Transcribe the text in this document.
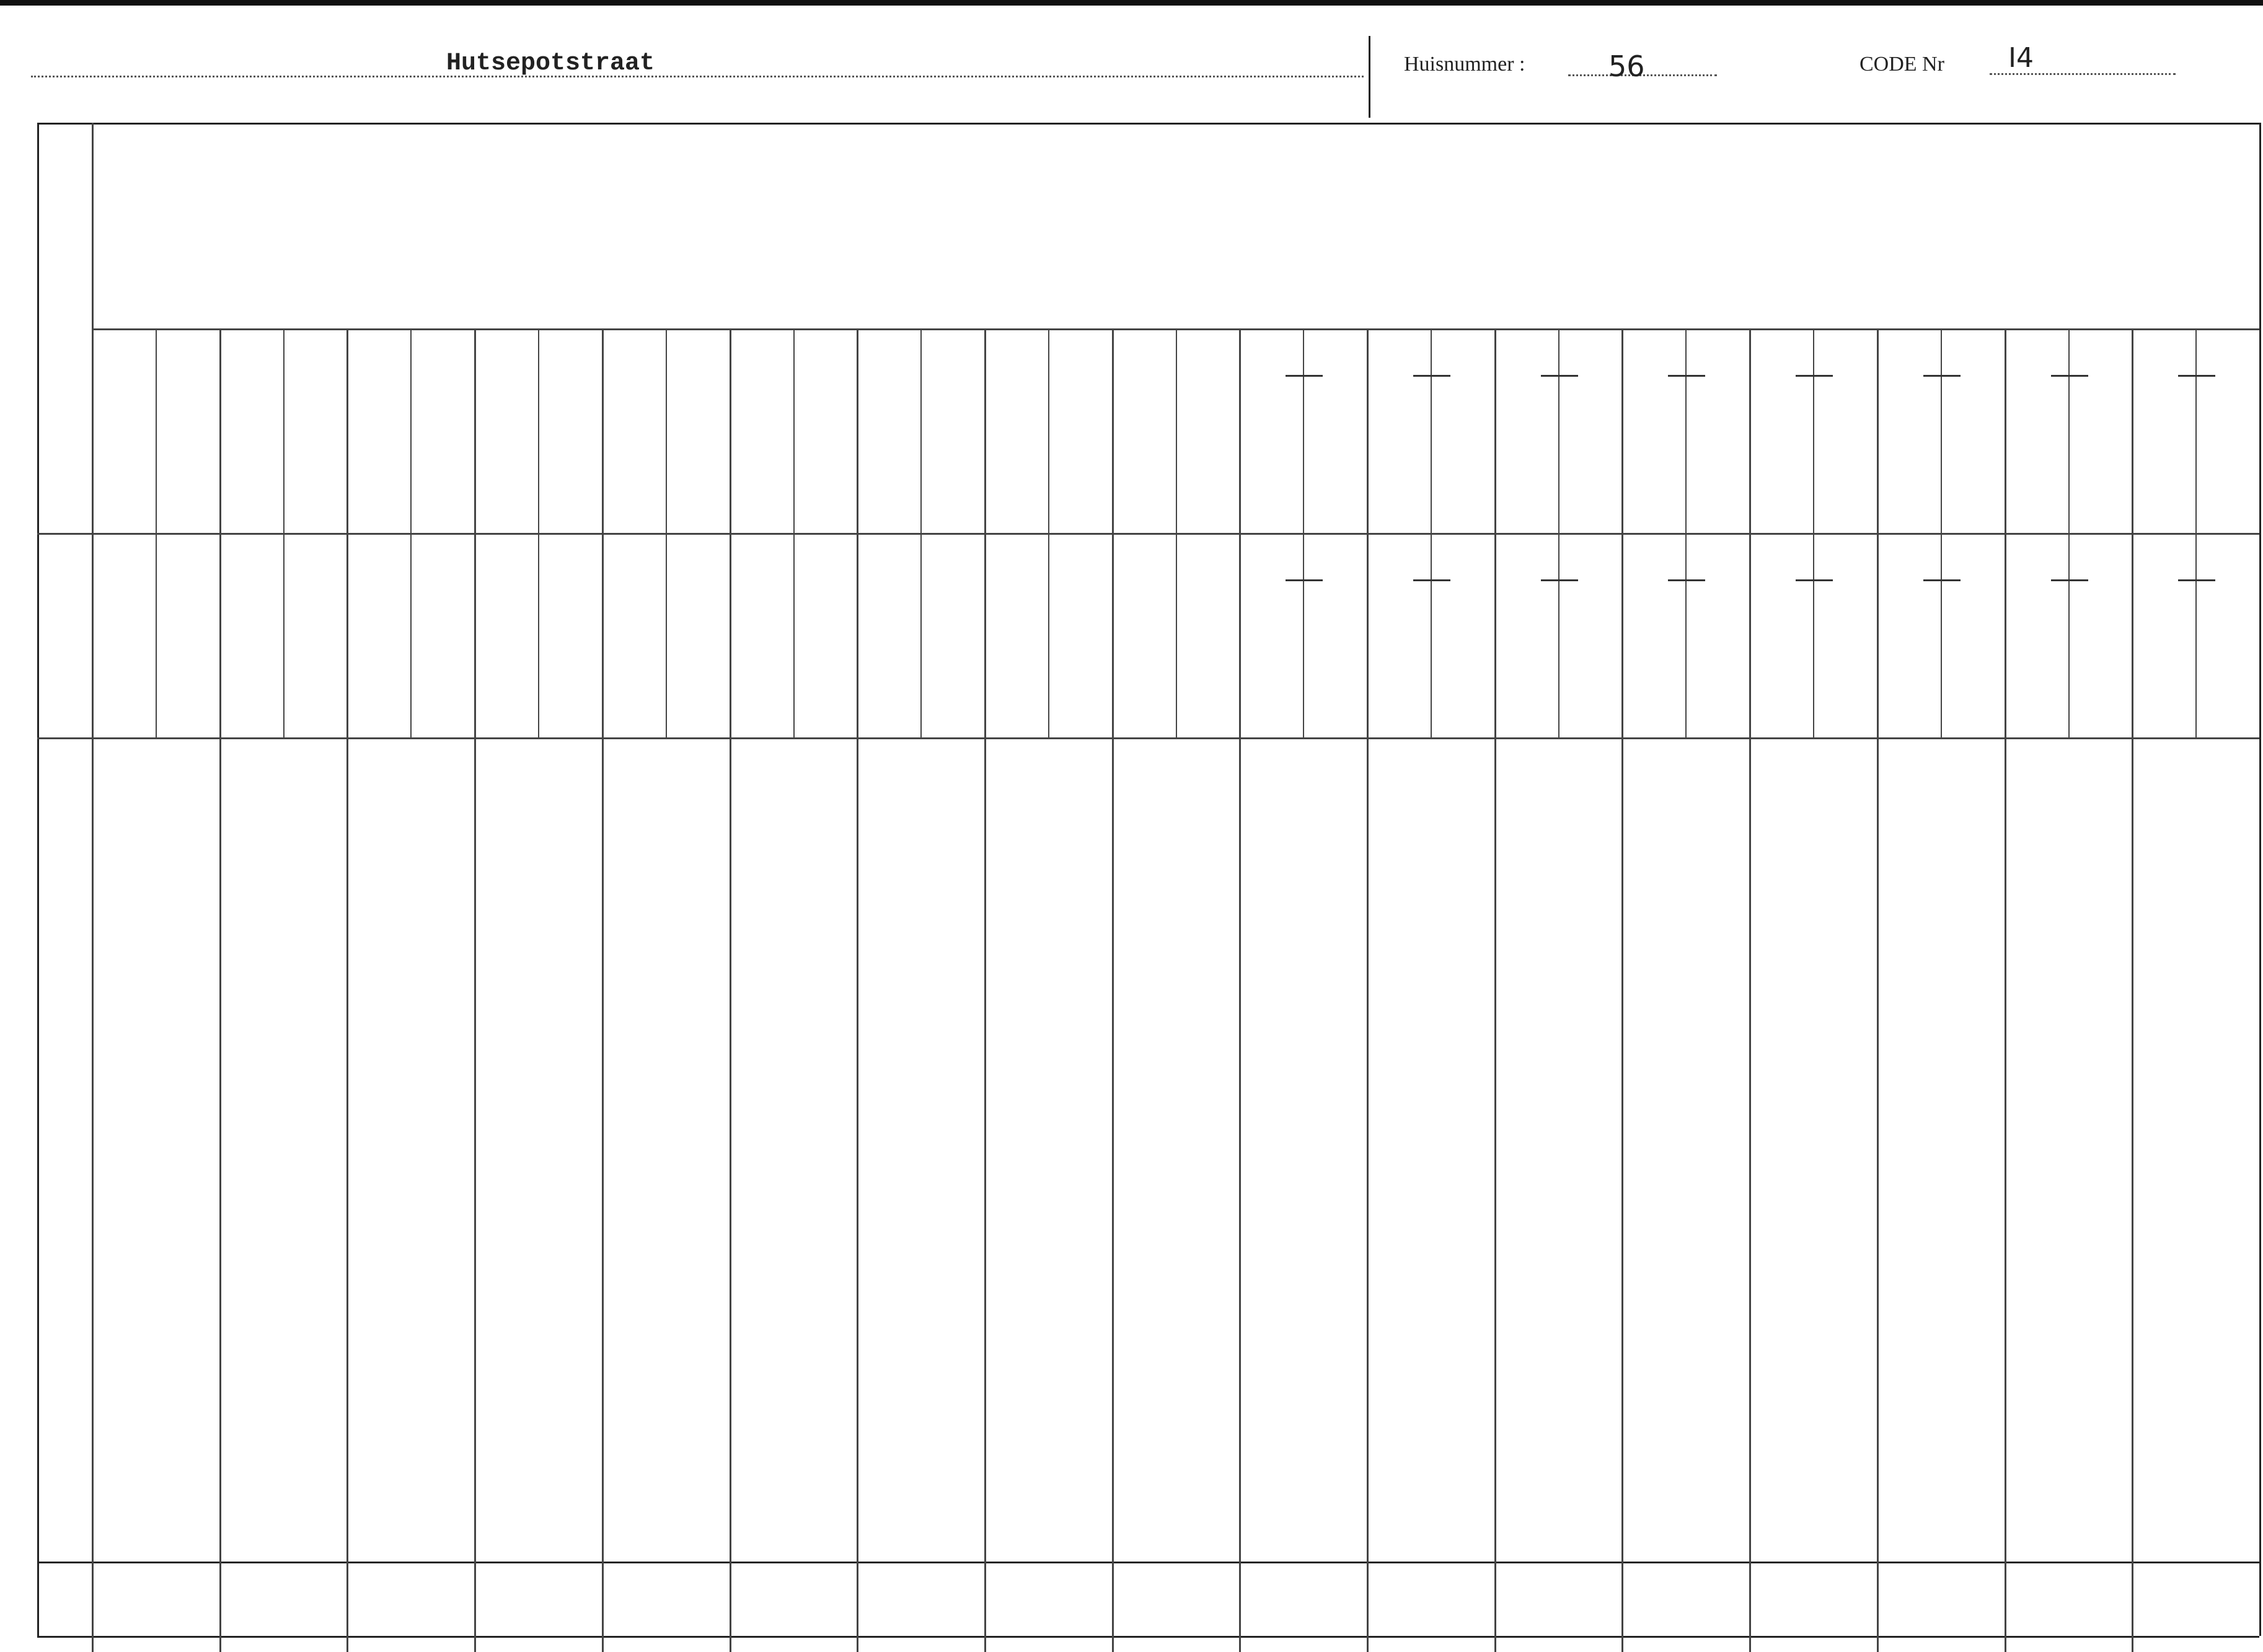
Hutsepotstraat	Huisnummer :	56	CODE Nr I4
